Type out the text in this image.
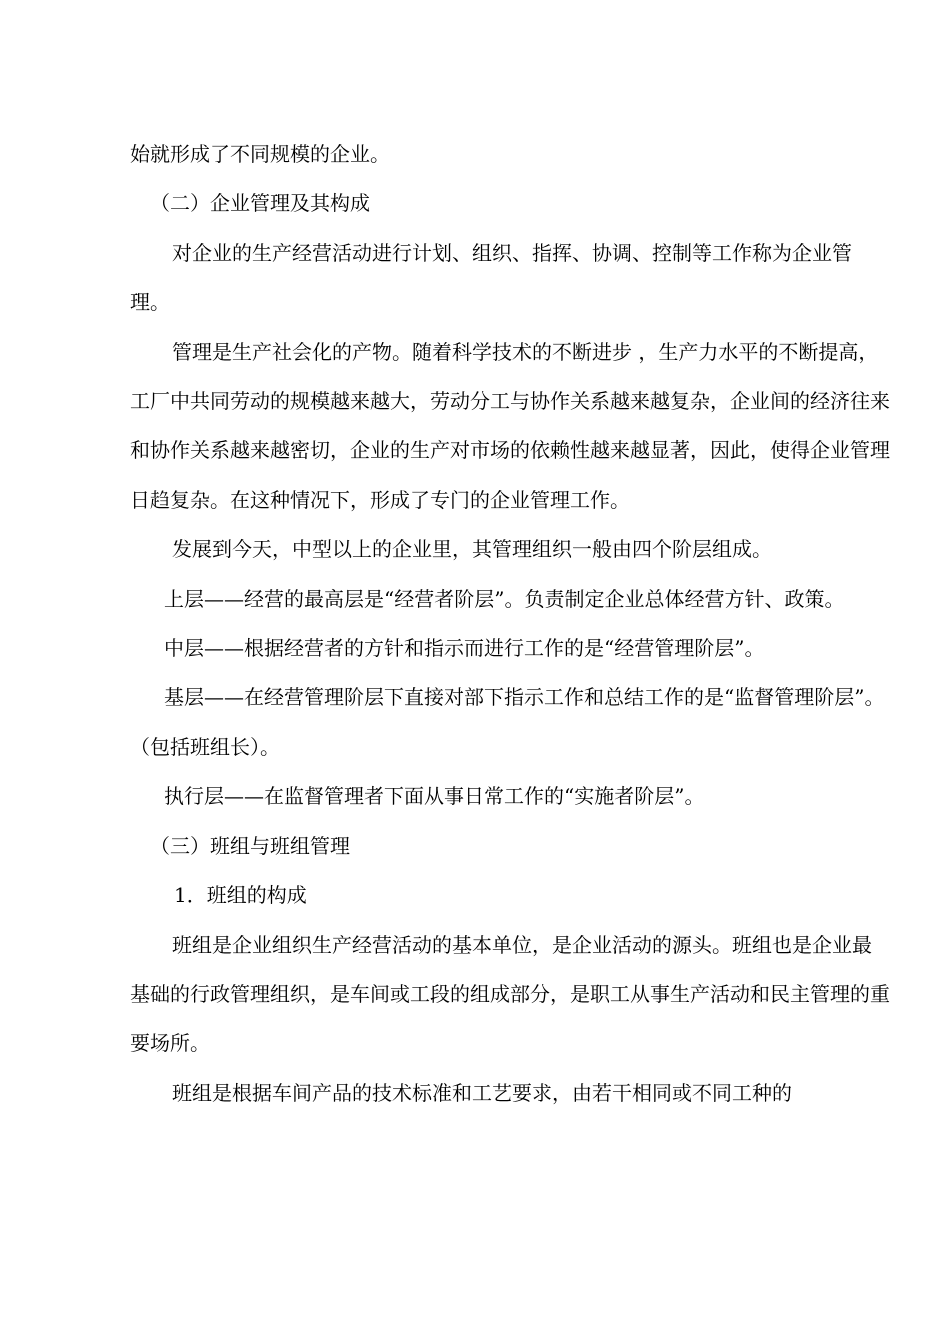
始就形成了不同规模的企业。

（二）企业管理及其构成

对企业的生产经营活动进行计划、组织、指挥、协调、控制等工作称为企业管理。

管理是生产社会化的产物。随着科学技术的不断进步 ，生产力水平的不断提高，工厂中共同劳动的规模越来越大，劳动分工与协作关系越来越复杂，企业间的经济往来和协作关系越来越密切，企业的生产对市场的依赖性越来越显著，因此，使得企业管理日趋复杂。在这种情况下，形成了专门的企业管理工作。

发展到今天，中型以上的企业里，其管理组织一般由四个阶层组成。

上层——经营的最高层是“经营者阶层”。负责制定企业总体经营方针、政策。

中层——根据经营者的方针和指示而进行工作的是“经营管理阶层”。

基层——在经营管理阶层下直接对部下指示工作和总结工作的是“监督管理阶层”。（包括班组长）。

执行层——在监督管理者下面从事日常工作的“实施者阶层”。

（三）班组与班组管理

1．班组的构成

班组是企业组织生产经营活动的基本单位，是企业活动的源头。班组也是企业最基础的行政管理组织，是车间或工段的组成部分，是职工从事生产活动和民主管理的重要场所。

班组是根据车间产品的技术标准和工艺要求，由若干相同或不同工种的
